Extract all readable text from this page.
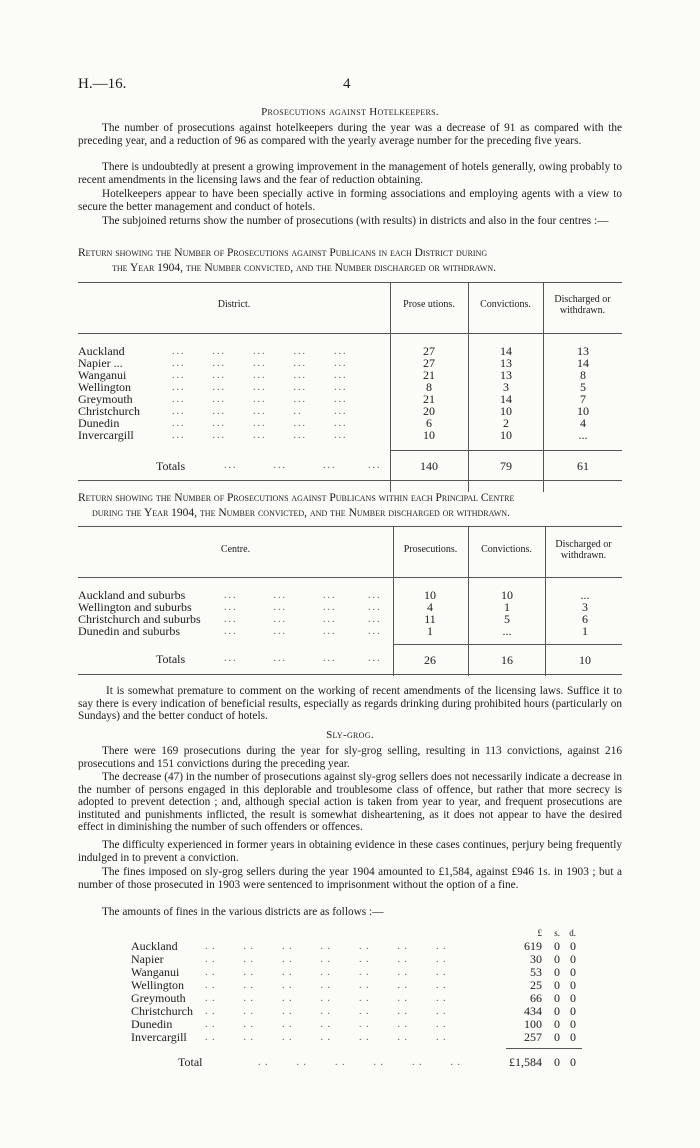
H.—16.	4
Prosecutions against Hotelkeepers.

The number of prosecutions against hotelkeepers during the year was a decrease of 91 as compared with the preceding year, and a reduction of 96 as compared with the yearly average number for the preceding five years.

There is undoubtedly at present a growing improvement in the management of hotels generally, owing probably to recent amendments in the licensing laws and the fear of reduction obtaining.

Hotelkeepers appear to have been specially active in forming associations and employing agents with a view to secure the better management and conduct of hotels.

The subjoined returns show the number of prosecutions (with results) in districts and also in the four centres :—

Return showing the Number of Prosecutions against Publicans in each District during
the Year 1904, the Number convicted, and the Number discharged or withdrawn.
District.	Prose utions.	Convictions.	Discharged or withdrawn.
Auckland	...      ...      ...      ...      ...	27	14	13
Napier ...	...      ...      ...      ...      ...	27	13	14
Wanganui	...      ...      ...      ...      ...	21	13	8
Wellington	...      ...      ...      ...      ...	8	3	5
Greymouth	...      ...      ...      ...      ...	21	14	7
Christchurch	...      ...      ...      ..       ...	20	10	10
Dunedin	...      ...      ...      ...      ...	6	2	4
Invercargill	...      ...      ...      ...      ...	10	10	...
Totals	...        ...        ...       ...	140	79	61
Return showing the Number of Prosecutions against Publicans within each Principal Centre
during the Year 1904, the Number convicted, and the Number discharged or withdrawn.
Centre.	Prosecutions.	Convictions.	Discharged or withdrawn.
Auckland and suburbs	...        ...        ...       ...	10	10	...
Wellington and suburbs	...        ...        ...       ...	4	1	3
Christchurch and suburbs ...        ...        ...       ...	11	5	6
Dunedin and suburbs	...        ...        ...       ...	1	...	1
Totals	...        ...        ...       ...	26	16	10

It is somewhat premature to comment on the working of recent amendments of the licensing laws. Suffice it to say there is every indication of beneficial results, especially as regards drinking during prohibited hours (particularly on Sundays) and the better conduct of hotels.

Sly-grog.

There were 169 prosecutions during the year for sly-grog selling, resulting in 113 convictions, against 216 prosecutions and 151 convictions during the preceding year.

The decrease (47) in the number of prosecutions against sly-grog sellers does not necessarily indicate a decrease in the number of persons engaged in this deplorable and troublesome class of offence, but rather that more secrecy is adopted to prevent detection ; and, although special action is taken from year to year, and frequent prosecutions are instituted and punishments inflicted, the result is somewhat disheartening, as it does not appear to have the desired effect in diminishing the number of such offenders or offences.

The difficulty experienced in former years in obtaining evidence in these cases continues, perjury being frequently indulged in to prevent a conviction.

The fines imposed on sly-grog sellers during the year 1904 amounted to £1,584, against £946 1s. in 1903 ; but a number of those prosecuted in 1903 were sentenced to imprisonment without the option of a fine.

The amounts of fines in the various districts are as follows :—

£	s.	d.
Auckland	. .        . .        . .        . .        . .        . .        . .	619	0 0
Napier	. .        . .        . .        . .        . .        . .        . .	30	0 0
Wanganui	. .        . .        . .        . .        . .        . .        . .	53	0 0
Wellington . .        . .        . .        . .        . .        . .        . .	25	0 0
Greymouth . .        . .        . .        . .        . .        . .        . .	66	0 0
Christchurch . .        . .        . .        . .        . .        . .        . .	434	0 0
Dunedin	. .        . .        . .        . .        . .        . .        . .	100	0 0
Invercargill . .        . .        . .        . .        . .        . .        . .	257	0 0
Total	. .        . .        . .        . .        . .        . .	£1,584	0 0
